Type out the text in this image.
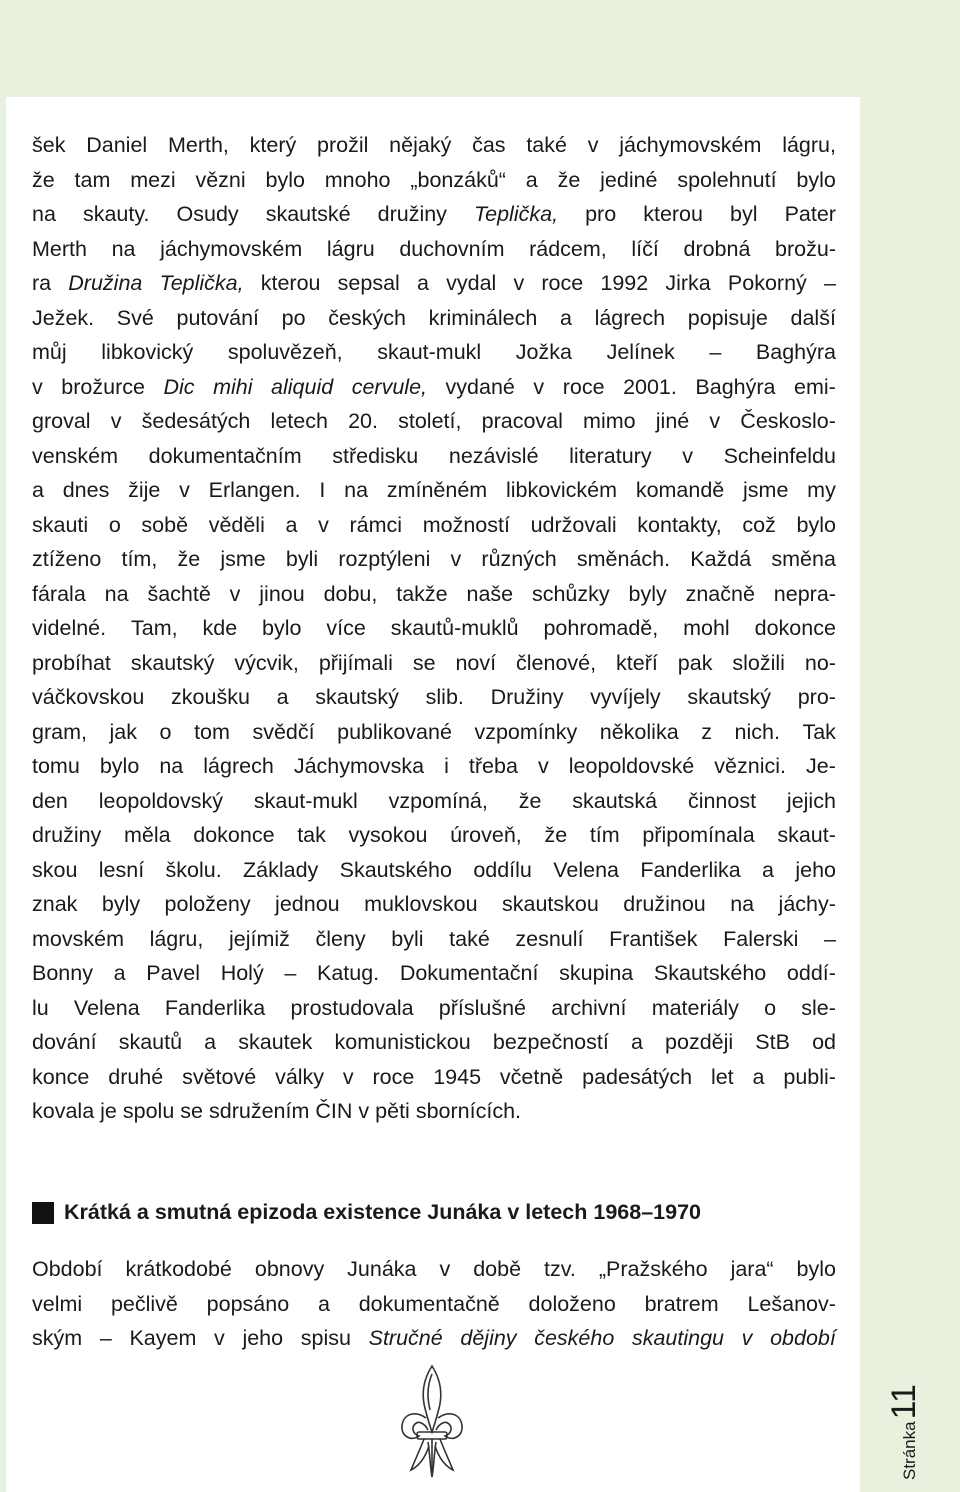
šek Daniel Merth, který prožil nějaký čas také v jáchymovském lágru,
že tam mezi vězni bylo mnoho „bonzáků“ a že jediné spolehnutí bylo
na skauty. Osudy skautské družiny Teplička, pro kterou byl Pater
Merth na jáchymovském lágru duchovním rádcem, líčí drobná brožu-
ra Družina Teplička, kterou sepsal a vydal v roce 1992 Jirka Pokorný –
Ježek. Své putování po českých kriminálech a lágrech popisuje další
můj libkovický spoluvězeň, skaut-mukl Jožka Jelínek – Baghýra
v brožurce Dic mihi aliquid cervule, vydané v roce 2001. Baghýra emi-
groval v šedesátých letech 20. století, pracoval mimo jiné v Českoslo-
venském dokumentačním středisku nezávislé literatury v Scheinfeldu
a dnes žije v Erlangen. I na zmíněném libkovickém komandě jsme my
skauti o sobě věděli a v rámci možností udržovali kontakty, což bylo
ztíženo tím, že jsme byli rozptýleni v různých směnách. Každá směna
fárala na šachtě v jinou dobu, takže naše schůzky byly značně nepra-
videlné. Tam, kde bylo více skautů-muklů pohromadě, mohl dokonce
probíhat skautský výcvik, přijímali se noví členové, kteří pak složili no-
váčkovskou zkoušku a skautský slib. Družiny vyvíjely skautský pro-
gram, jak o tom svědčí publikované vzpomínky několika z nich. Tak
tomu bylo na lágrech Jáchymovska i třeba v leopoldovské věznici. Je-
den leopoldovský skaut-mukl vzpomíná, že skautská činnost jejich
družiny měla dokonce tak vysokou úroveň, že tím připomínala skaut-
skou lesní školu. Základy Skautského oddílu Velena Fanderlika a jeho
znak byly položeny jednou muklovskou skautskou družinou na jáchy-
movském lágru, jejímiž členy byli také zesnulí František Falerski –
Bonny a Pavel Holý – Katug. Dokumentační skupina Skautského oddí-
lu Velena Fanderlika prostudovala příslušné archivní materiály o sle-
dování skautů a skautek komunistickou bezpečností a později StB od
konce druhé světové války v roce 1945 včetně padesátých let a publi-
kovala je spolu se sdružením ČIN v pěti sbornících.
Krátká a smutná epizoda existence Junáka v letech 1968–1970
Období krátkodobé obnovy Junáka v době tzv. „Pražského jara“ bylo
velmi pečlivě popsáno a dokumentačně doloženo bratrem Lešanov-
ským – Kayem v jeho spisu Stručné dějiny českého skautingu v období
Stránka
11
